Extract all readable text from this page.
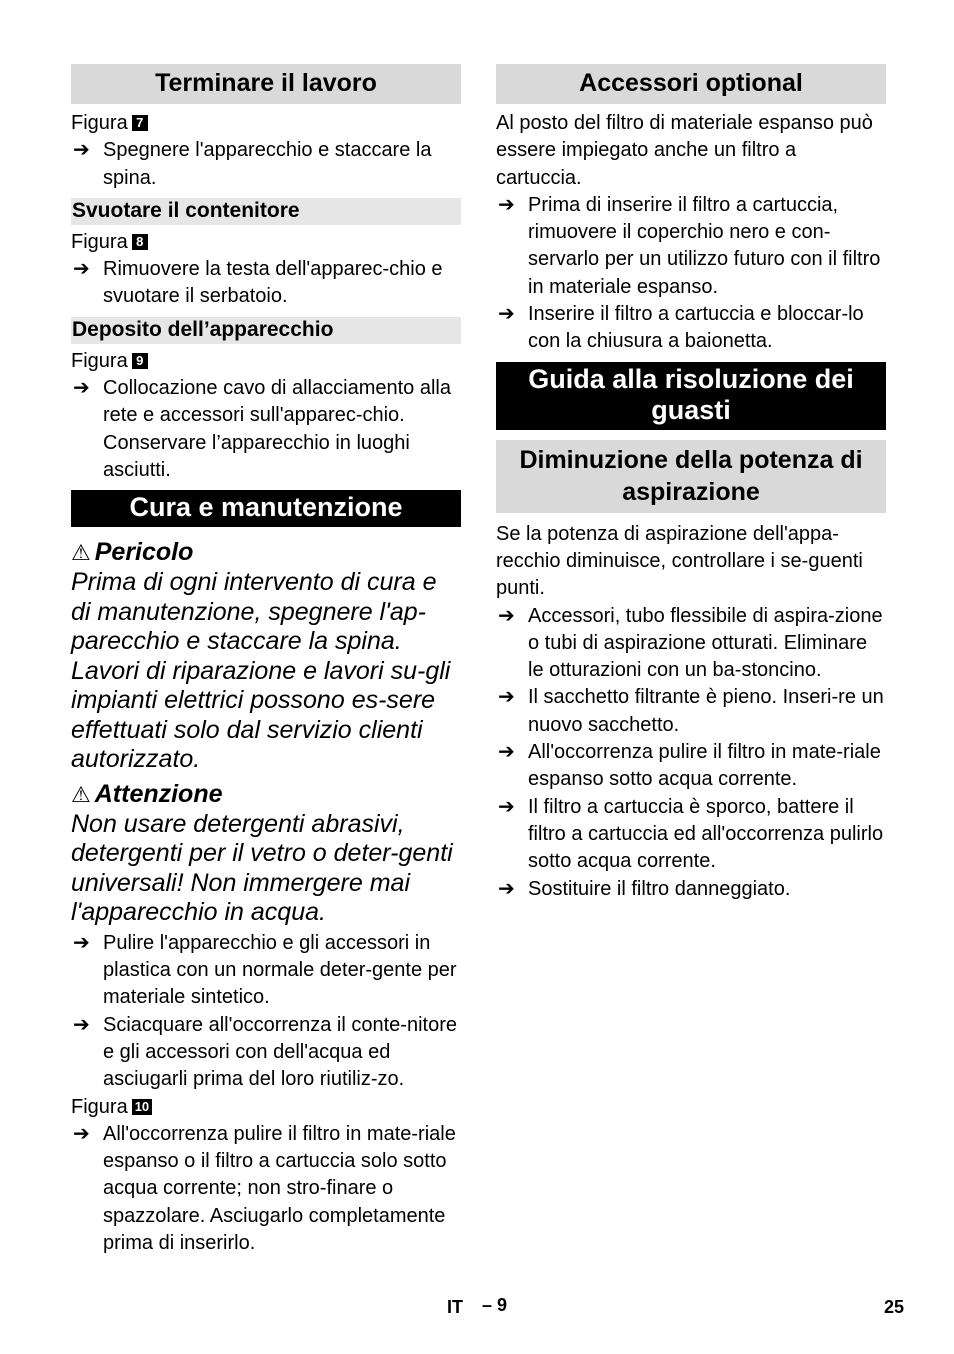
Terminare il lavoro
Figura 7
➔ Spegnere l'apparecchio e staccare la spina.
Svuotare il contenitore
Figura 8
➔ Rimuovere la testa dell'apparec-chio e svuotare il serbatoio.
Deposito dell’apparecchio
Figura 9
➔ Collocazione cavo di allacciamento alla rete e accessori sull'apparec-chio. Conservare l’apparecchio in luoghi asciutti.
Cura e manutenzione
⚠ Pericolo
Prima di ogni intervento di cura e di manutenzione, spegnere l'ap-parecchio e staccare la spina. Lavori di riparazione e lavori su-gli impianti elettrici possono es-sere effettuati solo dal servizio clienti autorizzato.
⚠ Attenzione
Non usare detergenti abrasivi, detergenti per il vetro o deter-genti universali! Non immergere mai l'apparecchio in acqua.
➔ Pulire l'apparecchio e gli accessori in plastica con un normale deter-gente per materiale sintetico.
➔ Sciacquare all'occorrenza il conte-nitore e gli accessori con dell'acqua ed asciugarli prima del loro riutiliz-zo.
Figura 10
➔ All'occorrenza pulire il filtro in mate-riale espanso o il filtro a cartuccia solo sotto acqua corrente; non stro-finare o spazzolare. Asciugarlo completamente prima di inserirlo.
Accessori optional
Al posto del filtro di materiale espanso può essere impiegato anche un filtro a cartuccia.
➔ Prima di inserire il filtro a cartuccia, rimuovere il coperchio nero e con-servarlo per un utilizzo futuro con il filtro in materiale espanso.
➔ Inserire il filtro a cartuccia e bloccar-lo con la chiusura a baionetta.
Guida alla risoluzione dei guasti
Diminuzione della potenza di aspirazione
Se la potenza di aspirazione dell'appa-recchio diminuisce, controllare i se-guenti punti.
➔ Accessori, tubo flessibile di aspira-zione o tubi di aspirazione otturati. Eliminare le otturazioni con un ba-stoncino.
➔ Il sacchetto filtrante è pieno. Inseri-re un nuovo sacchetto.
➔ All'occorrenza pulire il filtro in mate-riale espanso sotto acqua corrente.
➔ Il filtro a cartuccia è sporco, battere il filtro a cartuccia ed all'occorrenza pulirlo sotto acqua corrente.
➔ Sostituire il filtro danneggiato.
IT – 9	25
